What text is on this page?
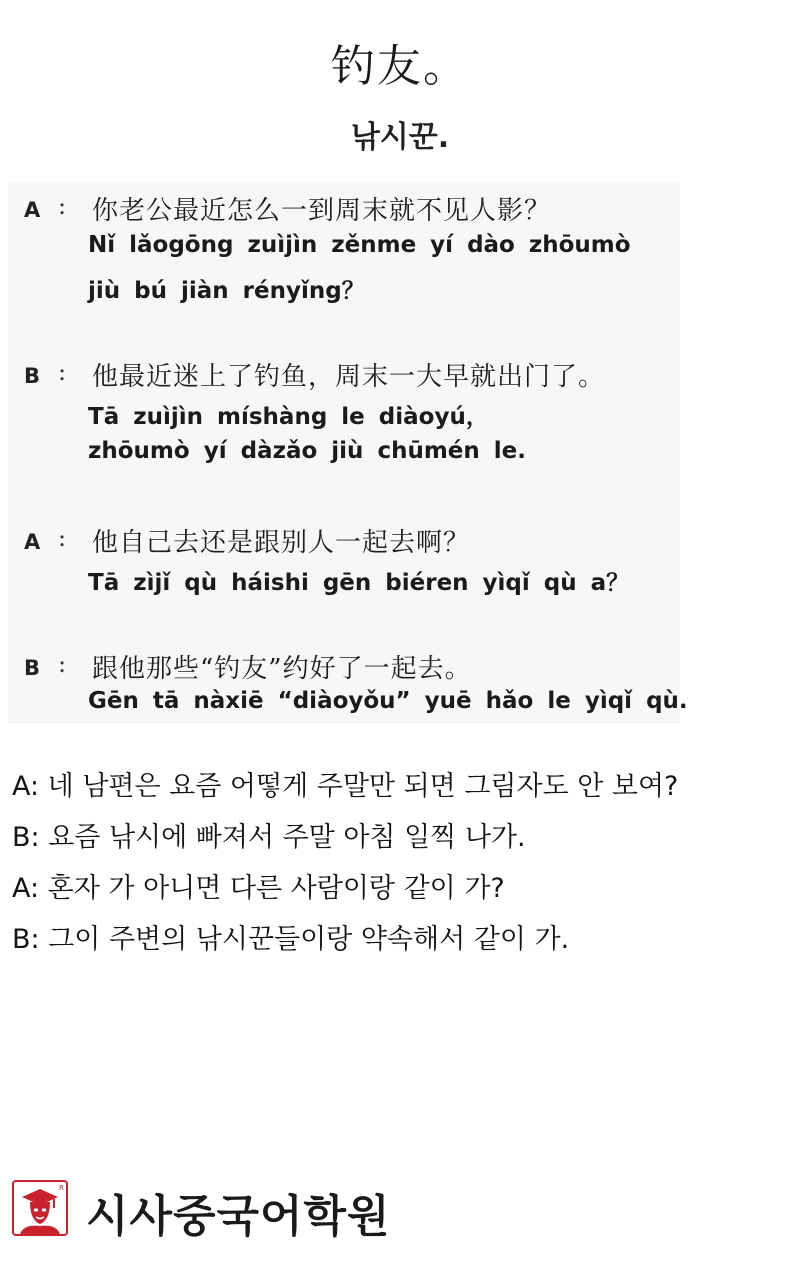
钓友。
낚시꾼.
A : 你老公最近怎么一到周末就不见人影？
Nǐ lǎogōng zuìjìn zěnme yí dào zhōumò
jiù bú jiàn rényǐng？
B : 他最近迷上了钓鱼，周末一大早就出门了。
Tā zuìjìn míshàng le diàoyú，
zhōumò yí dàzǎo jiù chūmén le.
A : 他自己去还是跟别人一起去啊？
Tā zìjǐ qù háishi gēn biéren yìqǐ qù a？
B : 跟他那些“钓友”约好了一起去。
Gēn tā nàxiē “diàoyǒu” yuē hǎo le yìqǐ qù.
A: 네 남편은 요즘 어떻게 주말만 되면 그림자도 안 보여?
B: 요즘 낚시에 빠져서 주말 아침 일찍 나가.
A: 혼자 가 아니면 다른 사람이랑 같이 가?
B: 그이 주변의 낚시꾼들이랑 약속해서 같이 가.
R
시사중국어학원
